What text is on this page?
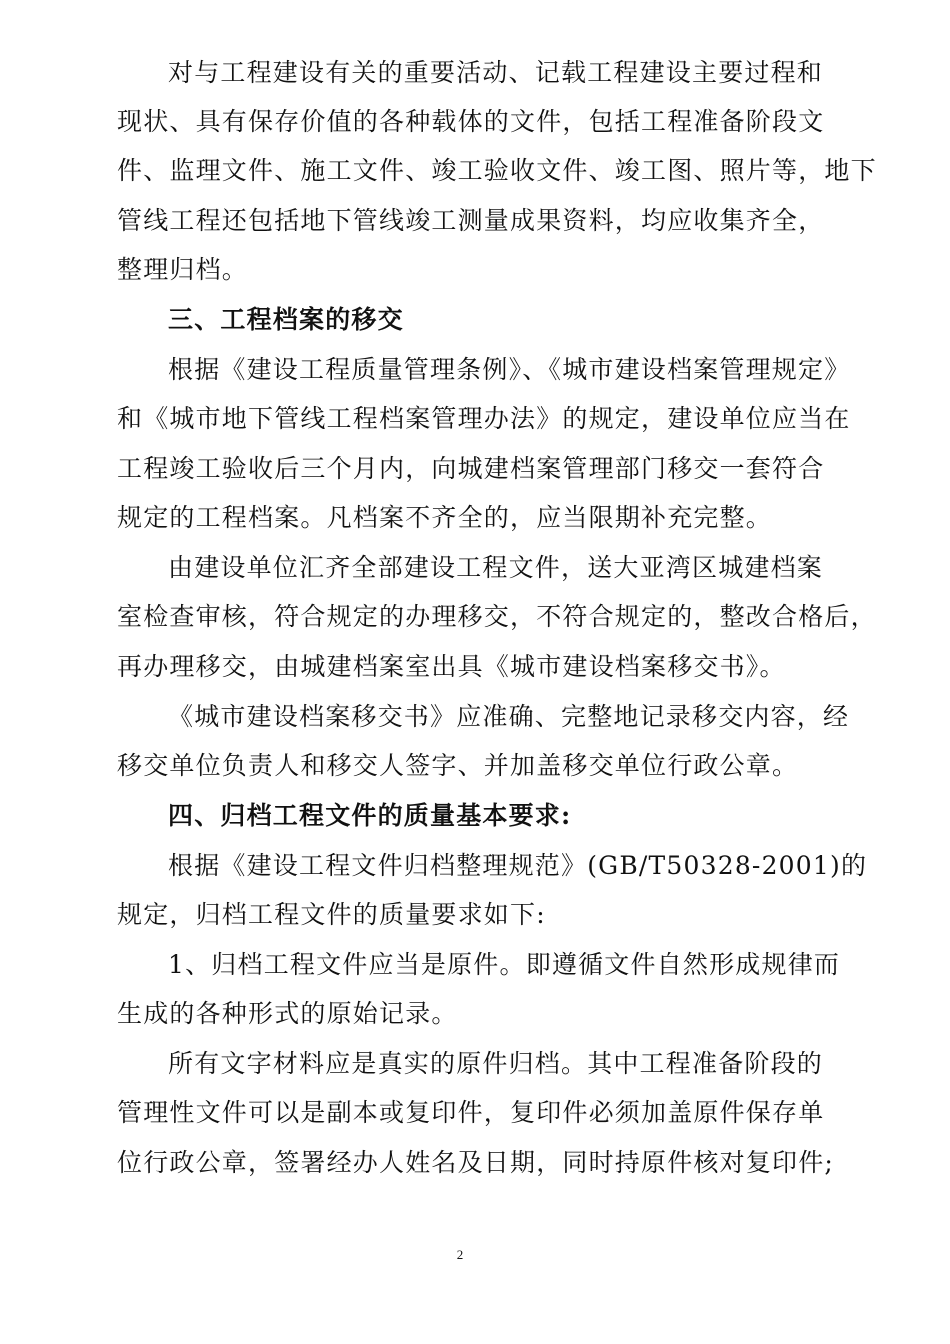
对与工程建设有关的重要活动、记载工程建设主要过程和
现状、具有保存价值的各种载体的文件，包括工程准备阶段文
件、监理文件、施工文件、竣工验收文件、竣工图、照片等，地下
管线工程还包括地下管线竣工测量成果资料，均应收集齐全，
整理归档。
三、工程档案的移交
根据《建设工程质量管理条例》、《城市建设档案管理规定》
和《城市地下管线工程档案管理办法》的规定，建设单位应当在
工程竣工验收后三个月内，向城建档案管理部门移交一套符合
规定的工程档案。凡档案不齐全的，应当限期补充完整。
由建设单位汇齐全部建设工程文件，送大亚湾区城建档案
室检查审核，符合规定的办理移交，不符合规定的，整改合格后，
再办理移交，由城建档案室出具《城市建设档案移交书》。
《城市建设档案移交书》应准确、完整地记录移交内容，经
移交单位负责人和移交人签字、并加盖移交单位行政公章。
四、归档工程文件的质量基本要求:
根据《建设工程文件归档整理规范》(GB/T50328-2001)的
规定，归档工程文件的质量要求如下:
1、归档工程文件应当是原件。即遵循文件自然形成规律而
生成的各种形式的原始记录。
所有文字材料应是真实的原件归档。其中工程准备阶段的
管理性文件可以是副本或复印件，复印件必须加盖原件保存单
位行政公章，签署经办人姓名及日期，同时持原件核对复印件;
2
